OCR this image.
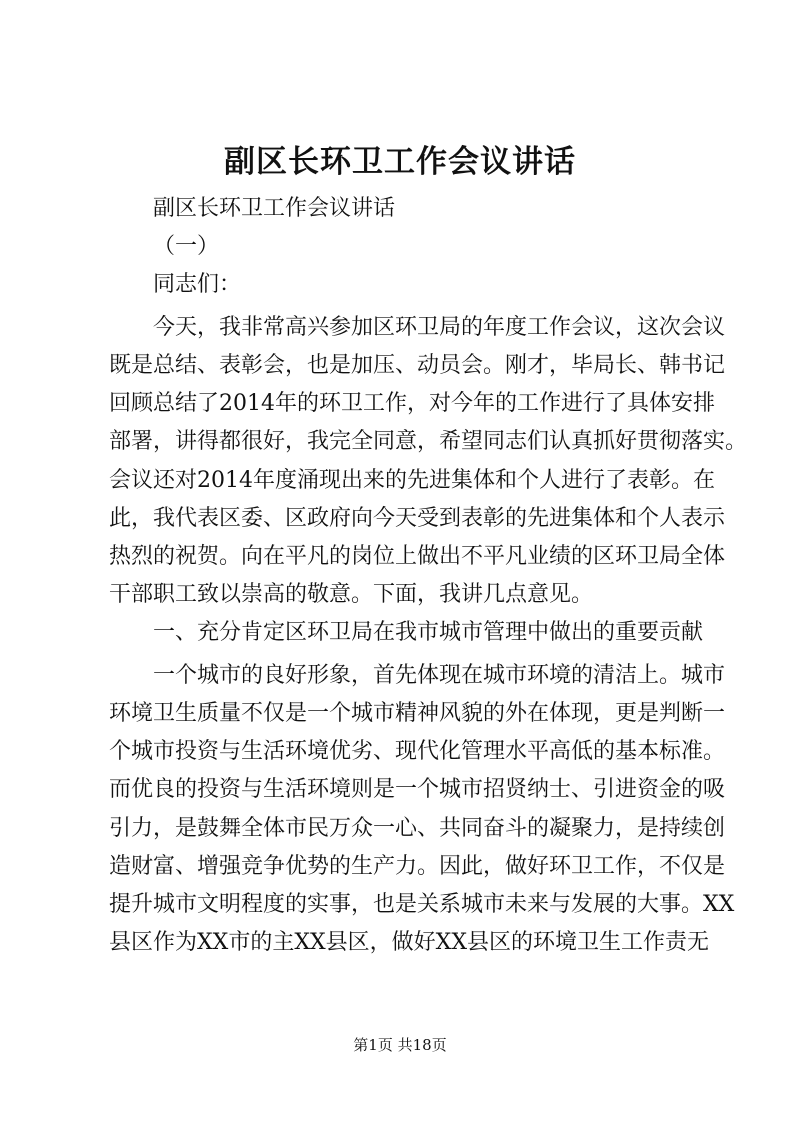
副区长环卫工作会议讲话
副区长环卫工作会议讲话
（一）
同志们：
今天，我非常高兴参加区环卫局的年度工作会议，这次会议
既是总结、表彰会，也是加压、动员会。刚才，毕局长、韩书记
回顾总结了2014年的环卫工作，对今年的工作进行了具体安排
部署，讲得都很好，我完全同意，希望同志们认真抓好贯彻落实。
会议还对2014年度涌现出来的先进集体和个人进行了表彰。在
此，我代表区委、区政府向今天受到表彰的先进集体和个人表示
热烈的祝贺。向在平凡的岗位上做出不平凡业绩的区环卫局全体
干部职工致以崇高的敬意。下面，我讲几点意见。
一、充分肯定区环卫局在我市城市管理中做出的重要贡献
一个城市的良好形象，首先体现在城市环境的清洁上。城市
环境卫生质量不仅是一个城市精神风貌的外在体现，更是判断一
个城市投资与生活环境优劣、现代化管理水平高低的基本标准。
而优良的投资与生活环境则是一个城市招贤纳士、引进资金的吸
引力，是鼓舞全体市民万众一心、共同奋斗的凝聚力，是持续创
造财富、增强竞争优势的生产力。因此，做好环卫工作，不仅是
提升城市文明程度的实事，也是关系城市未来与发展的大事。XX
县区作为XX市的主XX县区，做好XX县区的环境卫生工作责无
第1页 共18页
